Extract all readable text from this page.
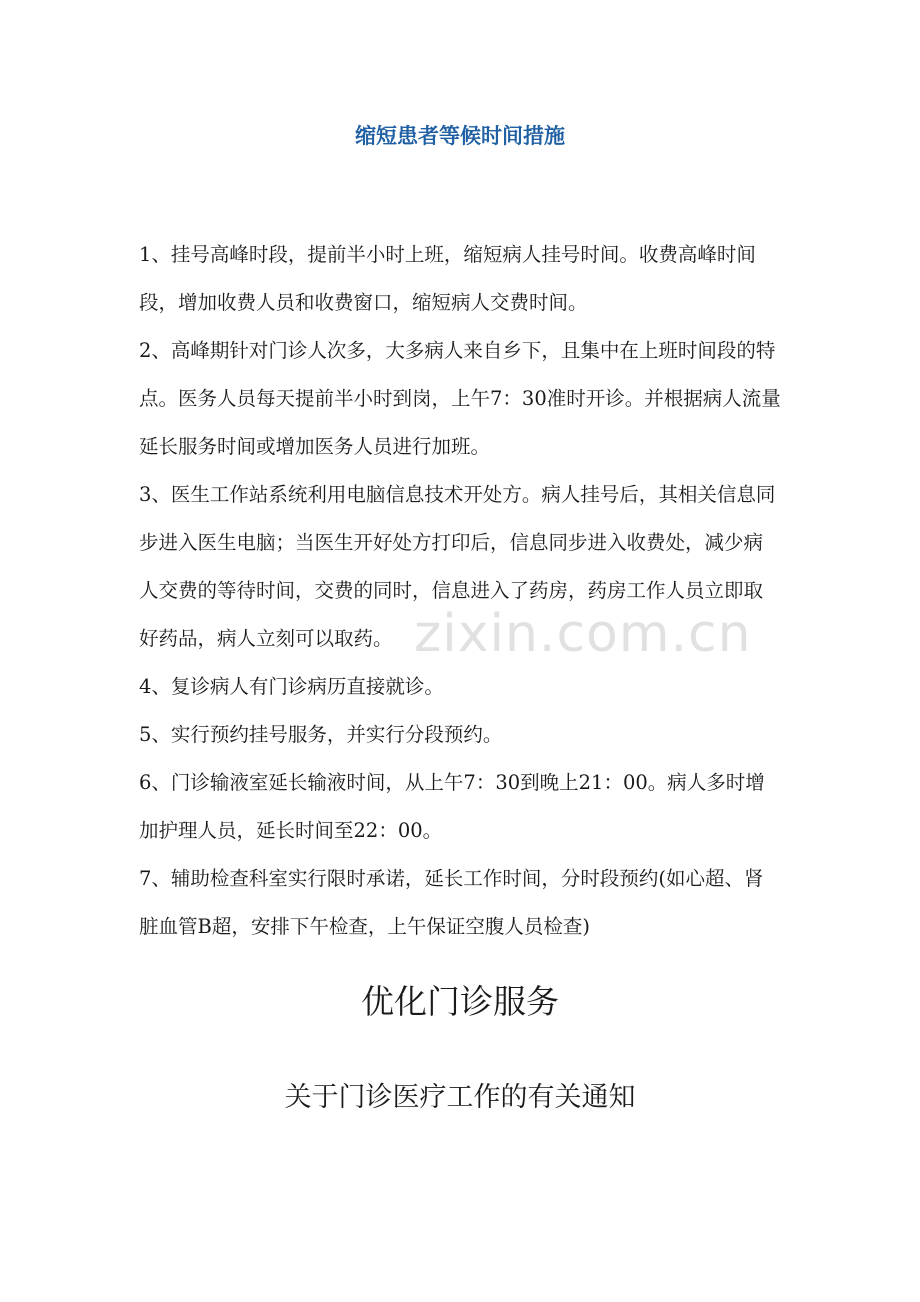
缩短患者等候时间措施

1、挂号高峰时段，提前半小时上班，缩短病人挂号时间。收费高峰时间段，增加收费人员和收费窗口，缩短病人交费时间。

2、高峰期针对门诊人次多，大多病人来自乡下，且集中在上班时间段的特点。医务人员每天提前半小时到岗，上午7：30准时开诊。并根据病人流量延长服务时间或增加医务人员进行加班。

3、医生工作站系统利用电脑信息技术开处方。病人挂号后，其相关信息同步进入医生电脑；当医生开好处方打印后，信息同步进入收费处，减少病人交费的等待时间，交费的同时，信息进入了药房，药房工作人员立即取好药品，病人立刻可以取药。

4、复诊病人有门诊病历直接就诊。

5、实行预约挂号服务，并实行分段预约。

6、门诊输液室延长输液时间，从上午7：30到晚上21：00。病人多时增加护理人员，延长时间至22：00。

7、辅助检查科室实行限时承诺，延长工作时间，分时段预约(如心超、肾脏血管B超，安排下午检查，上午保证空腹人员检查)

zixin.com.cn
优化门诊服务
关于门诊医疗工作的有关通知
